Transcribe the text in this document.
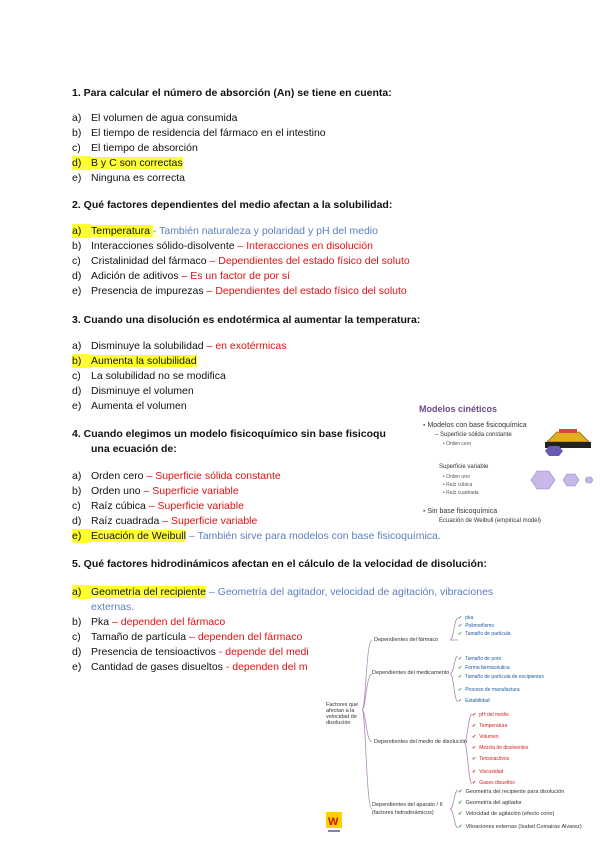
1. Para calcular el número de absorción (An) se tiene en cuenta:
a) El volumen de agua consumida
b) El tiempo de residencia del fármaco en el intestino
c) El tiempo de absorción
d) B y C son correctas
e) Ninguna es correcta
2. Qué factores dependientes del medio afectan a la solubilidad:
a) Temperatura - También naturaleza y polaridad y pH del medio
b) Interacciones sólido-disolvente – Interacciones en disolución
c) Cristalinidad del fármaco – Dependientes del estado físico del soluto
d) Adición de aditivos – Es un factor de por sí
e) Presencia de impurezas – Dependientes del estado físico del soluto
3. Cuando una disolución es endotérmica al aumentar la temperatura:
a) Disminuye la solubilidad – en exotérmicas
b) Aumenta la solubilidad
c) La solubilidad no se modifica
d) Disminuye el volumen
e) Aumenta el volumen
4. Cuando elegimos un modelo fisicoquímico sin base fisicoqu
una ecuación de:
a) Orden cero – Superficie sólida constante
b) Orden uno – Superficie variable
c) Raíz cúbica – Superficie variable
d) Raíz cuadrada – Superficie variable
e) Ecuación de Weibull – También sirve para modelos con base fisicoquímica.
5. Qué factores hidrodinámicos afectan en el cálculo de la velocidad de disolución:
a) Geometría del recipiente – Geometría del agitador, velocidad de agitación, vibraciones
externas.
b) Pka – dependen del fármaco
c) Tamaño de partícula – dependen del fármaco
d) Presencia de tensioactivos - depende del medi
e) Cantidad de gases disueltos - dependen del m
Modelos cinéticos
▪ Modelos con base fisicoquímica
– Superficie sólida constante
• Orden cero
Superficie variable
• Orden uno
• Raíz cúbica
• Raíz cuadrada
▪ Sin base fisicoquímica
Ecuación de Weibull (empirical model)
Factores que
afectan a la
velocidad de
disolución
Dependientes del fármaco
✔ pka
✔ Polimorfismo
✔ Tamaño de partícula
Dependientes del medicamento
✔ Tamaño de poro
✔ Forma farmacéutica
✔ Tamaño de partícula de excipientes
✔ Proceso de manufactura
✔ Estabilidad
Dependientes del medio de disolución
✔ pH del medio
✔ Temperatura
✔ Volumen
✔ Mezcla de disolventes
✔ Tensioactivos
✔ Viscosidad
✔ Gases disueltos
Dependientes del aparato / II
(factores hidrodinámicos)
✔ Geometría del recipiente para disolución
✔ Geometría del agitador
✔ Velocidad de agitación (efecto cono)
✔ Vibraciones externas (Isabel Comairas Álvarez)
W
